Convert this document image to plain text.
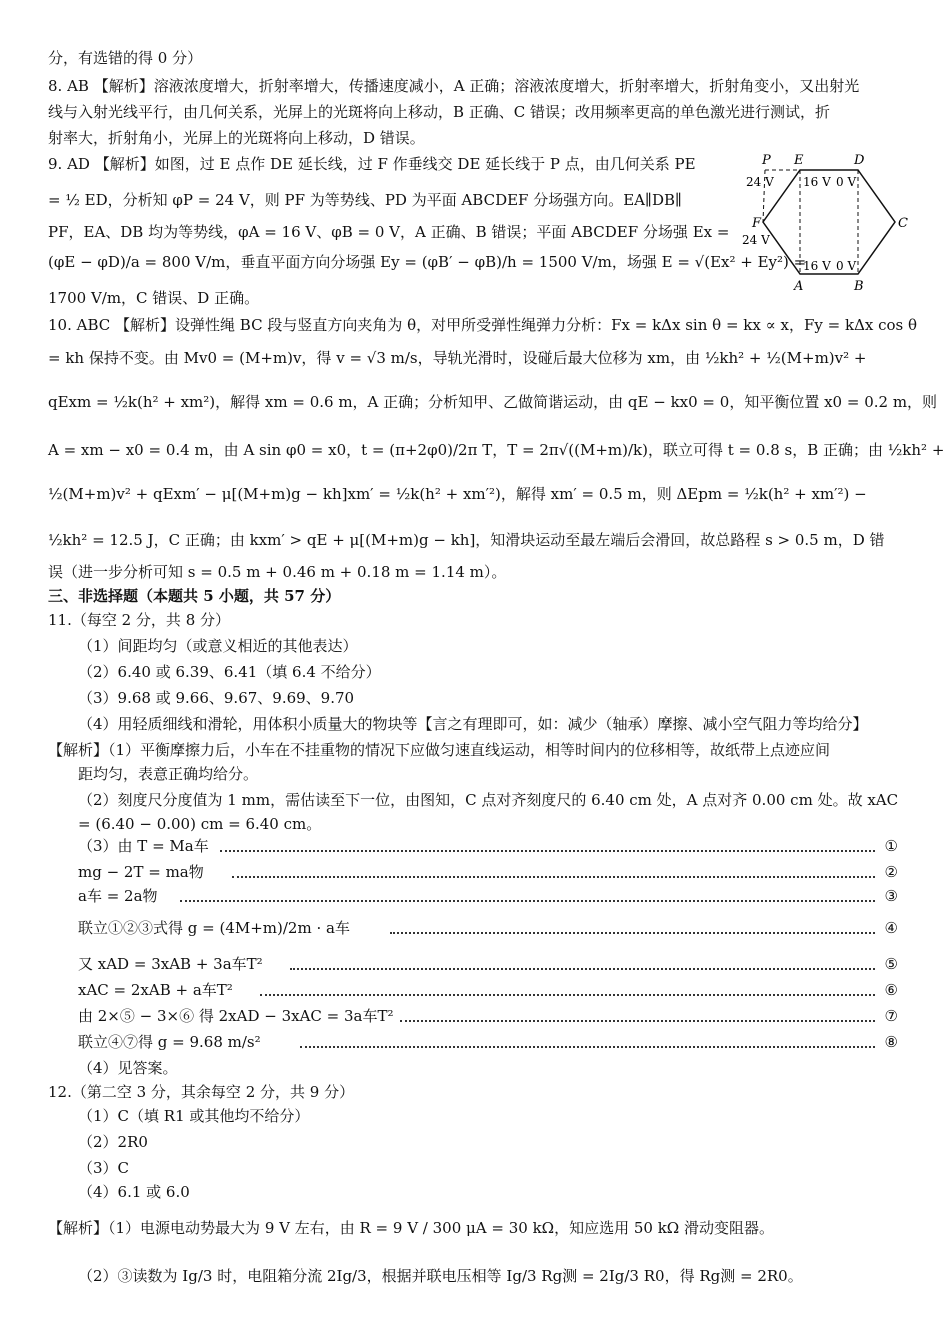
分，有选错的得 0 分）
8. AB 【解析】溶液浓度增大，折射率增大，传播速度减小，A 正确；溶液浓度增大，折射率增大，折射角变小，又出射光
线与入射光线平行，由几何关系，光屏上的光斑将向上移动，B 正确、C 错误；改用频率更高的单色激光进行测试，折
射率大，折射角小，光屏上的光斑将向上移动，D 错误。
9. AD 【解析】如图，过 E 点作 DE 延长线，过 F 作垂线交 DE 延长线于 P 点，由几何关系 PE
= ½ ED，分析知 φP = 24 V，则 PF 为等势线、PD 为平面 ABCDEF 分场强方向。EA∥DB∥
PF，EA、DB 均为等势线，φA = 16 V、φB = 0 V，A 正确、B 错误；平面 ABCDEF 分场强 Ex =
(φE − φD)/a = 800 V/m，垂直平面方向分场强 Ey = (φB′ − φB)/h = 1500 V/m，场强 E = √(Ex² + Ey²) =
1700 V/m，C 错误、D 正确。
P E	D
C
B
A
F
24 V 16 V 0 V
24 V
16 V 0 V
10. ABC 【解析】设弹性绳 BC 段与竖直方向夹角为 θ，对甲所受弹性绳弹力分析：Fx = kΔx sin θ = kx ∝ x，Fy = kΔx cos θ
= kh 保持不变。由 Mv0 = (M+m)v，得 v = √3 m/s，导轨光滑时，设碰后最大位移为 xm，由 ½kh² + ½(M+m)v² +
qExm = ½k(h² + xm²)，解得 xm = 0.6 m，A 正确；分析知甲、乙做简谐运动，由 qE − kx0 = 0，知平衡位置 x0 = 0.2 m，则
A = xm − x0 = 0.4 m，由 A sin φ0 = x0，t = (π+2φ0)/2π T，T = 2π√((M+m)/k)，联立可得 t = 0.8 s，B 正确；由 ½kh² +
½(M+m)v² + qExm′ − μ[(M+m)g − kh]xm′ = ½k(h² + xm′²)，解得 xm′ = 0.5 m，则 ΔEpm = ½k(h² + xm′²) −
½kh² = 12.5 J，C 正确；由 kxm′ > qE + μ[(M+m)g − kh]，知滑块运动至最左端后会滑回，故总路程 s > 0.5 m，D 错
误（进一步分析可知 s = 0.5 m + 0.46 m + 0.18 m = 1.14 m）。
三、非选择题（本题共 5 小题，共 57 分）
11.（每空 2 分，共 8 分）
（1）间距均匀（或意义相近的其他表达）
（2）6.40 或 6.39、6.41（填 6.4 不给分）
（3）9.68 或 9.66、9.67、9.69、9.70
（4）用轻质细线和滑轮，用体积小质量大的物块等【言之有理即可，如：减少（轴承）摩擦、减小空气阻力等均给分】
【解析】（1）平衡摩擦力后，小车在不挂重物的情况下应做匀速直线运动，相等时间内的位移相等，故纸带上点迹应间
距均匀，表意正确均给分。
（2）刻度尺分度值为 1 mm，需估读至下一位，由图知，C 点对齐刻度尺的 6.40 cm 处，A 点对齐 0.00 cm 处。故 xAC
= (6.40 − 0.00) cm = 6.40 cm。
（3）由 T = Ma车	①
mg − 2T = ma物	②
a车 = 2a物	③
联立①②③式得 g = (4M+m)/2m · a车	④
又 xAD = 3xAB + 3a车T²	⑤
xAC = 2xAB + a车T²	⑥
由 2×⑤ − 3×⑥ 得 2xAD − 3xAC = 3a车T²	⑦
联立④⑦得 g = 9.68 m/s²	⑧
（4）见答案。
12.（第二空 3 分，其余每空 2 分，共 9 分）
（1）C（填 R1 或其他均不给分）
（2）2R0
（3）C
（4）6.1 或 6.0
【解析】（1）电源电动势最大为 9 V 左右，由 R = 9 V / 300 μA = 30 kΩ，知应选用 50 kΩ 滑动变阻器。
（2）③读数为 Ig/3 时，电阻箱分流 2Ig/3，根据并联电压相等 Ig/3 Rg测 = 2Ig/3 R0，得 Rg测 = 2R0。
